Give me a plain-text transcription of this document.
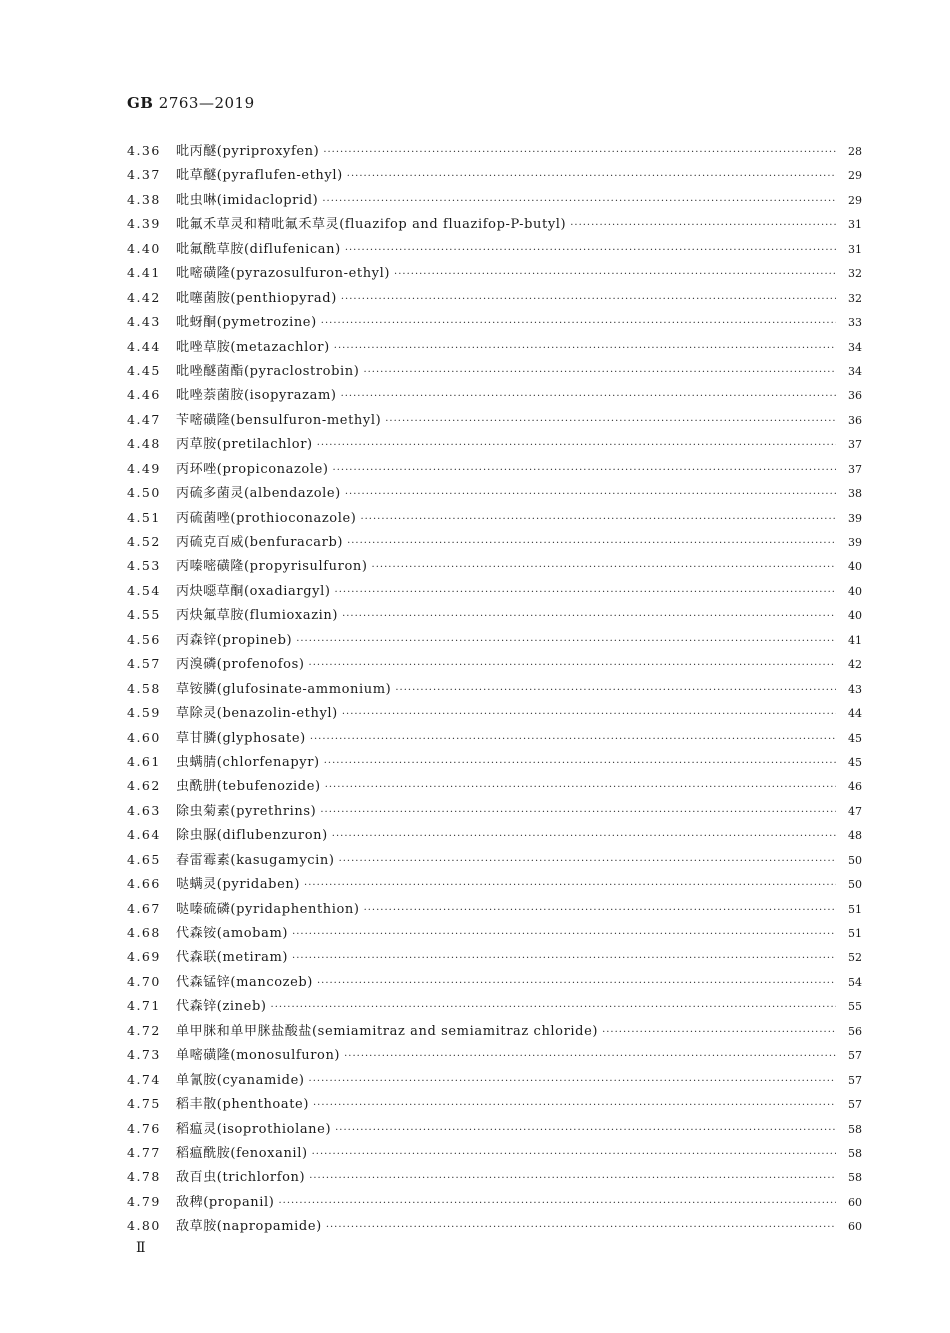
GB 2763—2019
4.36	吡丙醚(pyriproxyfen) ·····	28
4.37	吡草醚(pyraflufen-ethyl) ·····	29
4.38	吡虫啉(imidacloprid) ·····	29
4.39	吡氟禾草灵和精吡氟禾草灵(fluazifop and fluazifop-P-butyl) ·····	31
4.40	吡氟酰草胺(diflufenican) ·····	31
4.41	吡嘧磺隆(pyrazosulfuron-ethyl) ·····	32
4.42	吡噻菌胺(penthiopyrad) ·····	32
4.43	吡蚜酮(pymetrozine) ·····	33
4.44	吡唑草胺(metazachlor) ·····	34
4.45	吡唑醚菌酯(pyraclostrobin) ·····	34
4.46	吡唑萘菌胺(isopyrazam) ·····	36
4.47	苄嘧磺隆(bensulfuron-methyl) ·····	36
4.48	丙草胺(pretilachlor) ·····	37
4.49	丙环唑(propiconazole) ·····	37
4.50	丙硫多菌灵(albendazole) ·····	38
4.51	丙硫菌唑(prothioconazole) ·····	39
4.52	丙硫克百威(benfuracarb) ·····	39
4.53	丙嗪嘧磺隆(propyrisulfuron) ·····	40
4.54	丙炔噁草酮(oxadiargyl) ·····	40
4.55	丙炔氟草胺(flumioxazin) ·····	40
4.56	丙森锌(propineb) ·····	41
4.57	丙溴磷(profenofos) ·····	42
4.58	草铵膦(glufosinate-ammonium) ·····	43
4.59	草除灵(benazolin-ethyl) ·····	44
4.60	草甘膦(glyphosate) ·····	45
4.61	虫螨腈(chlorfenapyr) ·····	45
4.62	虫酰肼(tebufenozide) ·····	46
4.63	除虫菊素(pyrethrins) ·····	47
4.64	除虫脲(diflubenzuron) ·····	48
4.65	春雷霉素(kasugamycin) ·····	50
4.66	哒螨灵(pyridaben) ·····	50
4.67	哒嗪硫磷(pyridaphenthion) ·····	51
4.68	代森铵(amobam) ·····	51
4.69	代森联(metiram) ·····	52
4.70	代森锰锌(mancozeb) ·····	54
4.71	代森锌(zineb) ·····	55
4.72	单甲脒和单甲脒盐酸盐(semiamitraz and semiamitraz chloride) ·····	56
4.73	单嘧磺隆(monosulfuron) ·····	57
4.74	单氰胺(cyanamide) ·····	57
4.75	稻丰散(phenthoate) ·····	57
4.76	稻瘟灵(isoprothiolane) ·····	58
4.77	稻瘟酰胺(fenoxanil) ·····	58
4.78	敌百虫(trichlorfon) ·····	58
4.79	敌稗(propanil) ·····	60
4.80	敌草胺(napropamide) ·····	60
Ⅱ
